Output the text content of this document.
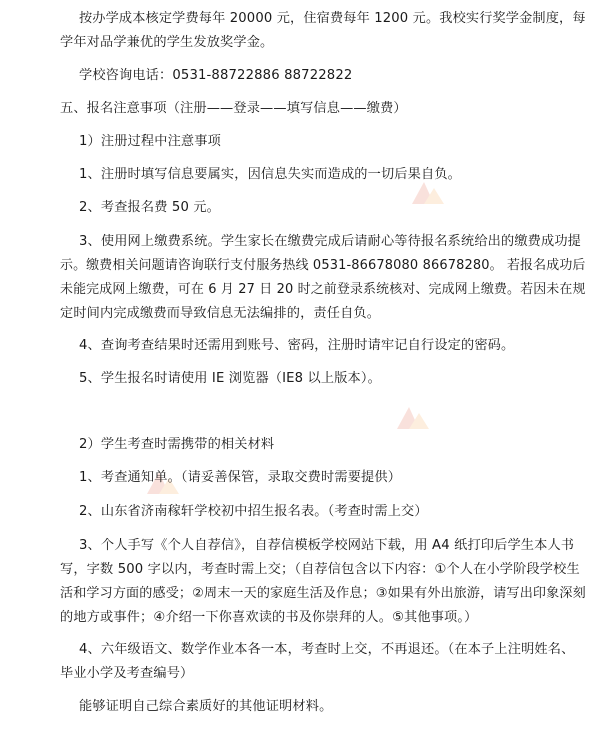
按办学成本核定学费每年 20000 元，住宿费每年 1200 元。我校实行奖学金制度，每
学年对品学兼优的学生发放奖学金。
学校咨询电话：0531-88722886 88722822
五、报名注意事项（注册——登录——填写信息——缴费）
1）注册过程中注意事项
1、注册时填写信息要属实，因信息失实而造成的一切后果自负。
2、考查报名费 50 元。
3、使用网上缴费系统。学生家长在缴费完成后请耐心等待报名系统给出的缴费成功提
示。缴费相关问题请咨询联行支付服务热线 0531-86678080 86678280。 若报名成功后
未能完成网上缴费，可在 6 月 27 日 20 时之前登录系统核对、完成网上缴费。若因未在规
定时间内完成缴费而导致信息无法编排的，责任自负。
4、查询考查结果时还需用到账号、密码，注册时请牢记自行设定的密码。
5、学生报名时请使用 IE 浏览器（IE8 以上版本）。
2）学生考查时需携带的相关材料
1、考查通知单。（请妥善保管，录取交费时需要提供）
2、山东省济南稼轩学校初中招生报名表。（考查时需上交）
3、个人手写《个人自荐信》，自荐信模板学校网站下载，用 A4 纸打印后学生本人书
写，字数 500 字以内，考查时需上交；（自荐信包含以下内容：①个人在小学阶段学校生
活和学习方面的感受；②周末一天的家庭生活及作息；③如果有外出旅游，请写出印象深刻
的地方或事件；④介绍一下你喜欢读的书及你崇拜的人。⑤其他事项。）
4、六年级语文、数学作业本各一本，考查时上交，不再退还。（在本子上注明姓名、
毕业小学及考查编号）
能够证明自己综合素质好的其他证明材料。
